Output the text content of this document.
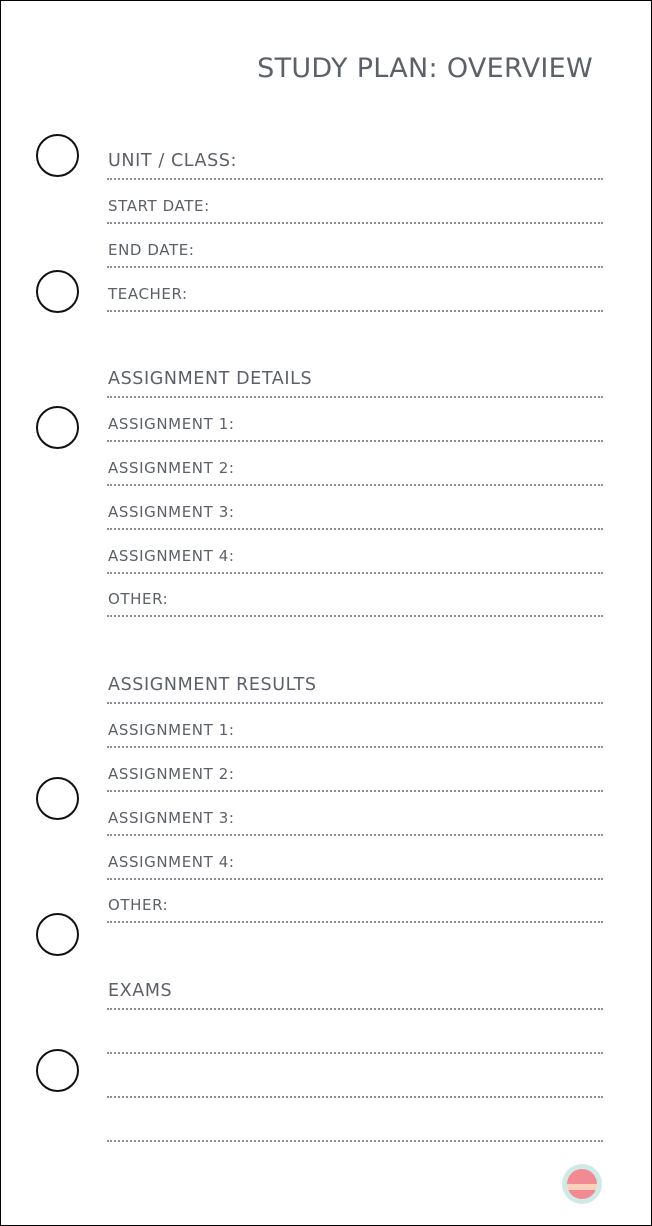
STUDY PLAN: OVERVIEW
UNIT / CLASS:
START DATE:
END DATE:
TEACHER:
ASSIGNMENT DETAILS
ASSIGNMENT 1:
ASSIGNMENT 2:
ASSIGNMENT 3:
ASSIGNMENT 4:
OTHER:
ASSIGNMENT RESULTS
ASSIGNMENT 1:
ASSIGNMENT 2:
ASSIGNMENT 3:
ASSIGNMENT 4:
OTHER:
EXAMS
